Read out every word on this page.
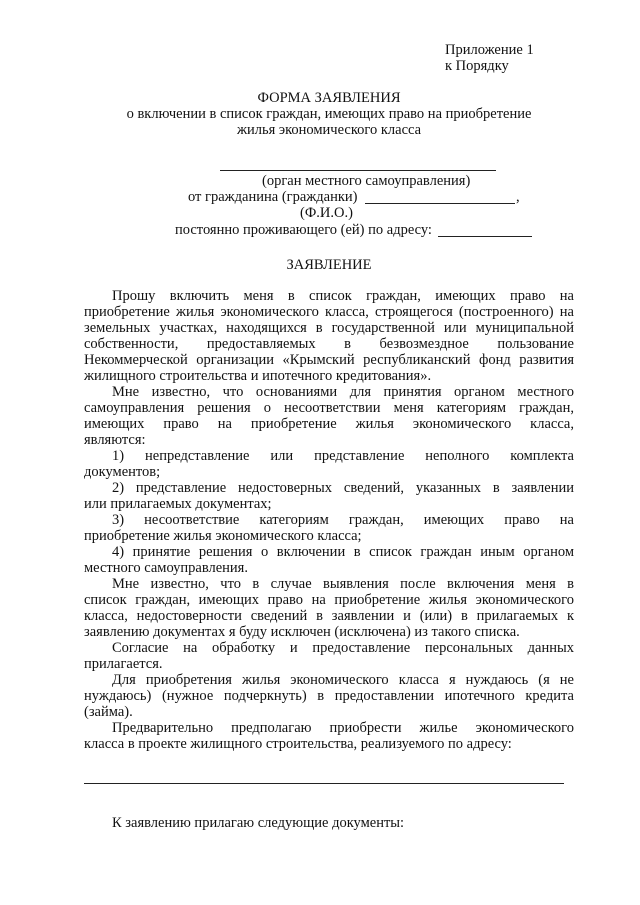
Приложение 1
к Порядку
ФОРМА ЗАЯВЛЕНИЯ
о включении в список граждан, имеющих право на приобретение
жилья экономического класса
(орган местного самоуправления)
от гражданина (гражданки)	,
(Ф.И.О.)
постоянно проживающего (ей) по адресу:
ЗАЯВЛЕНИЕ
Прошу включить меня в список граждан, имеющих право на
приобретение жилья экономического класса, строящегося (построенного) на
земельных участках, находящихся в государственной или муниципальной
собственности, предоставляемых в безвозмездное пользование
Некоммерческой организации «Крымский республиканский фонд развития
жилищного строительства и ипотечного кредитования».
Мне известно, что основаниями для принятия органом местного
самоуправления решения о несоответствии меня категориям граждан,
имеющих право на приобретение жилья экономического класса,
являются:
1) непредставление или представление неполного комплекта
документов;
2) представление недостоверных сведений, указанных в заявлении
или прилагаемых документах;
3) несоответствие категориям граждан, имеющих право на
приобретение жилья экономического класса;
4) принятие решения о включении в список граждан иным органом
местного самоуправления.
Мне известно, что в случае выявления после включения меня в
список граждан, имеющих право на приобретение жилья экономического
класса, недостоверности сведений в заявлении и (или) в прилагаемых к
заявлению документах я буду исключен (исключена) из такого списка.
Согласие на обработку и предоставление персональных данных
прилагается.
Для приобретения жилья экономического класса я нуждаюсь (я не
нуждаюсь) (нужное подчеркнуть) в предоставлении ипотечного кредита
(займа).
Предварительно предполагаю приобрести жилье экономического
класса в проекте жилищного строительства, реализуемого по адресу:
К заявлению прилагаю следующие документы:
